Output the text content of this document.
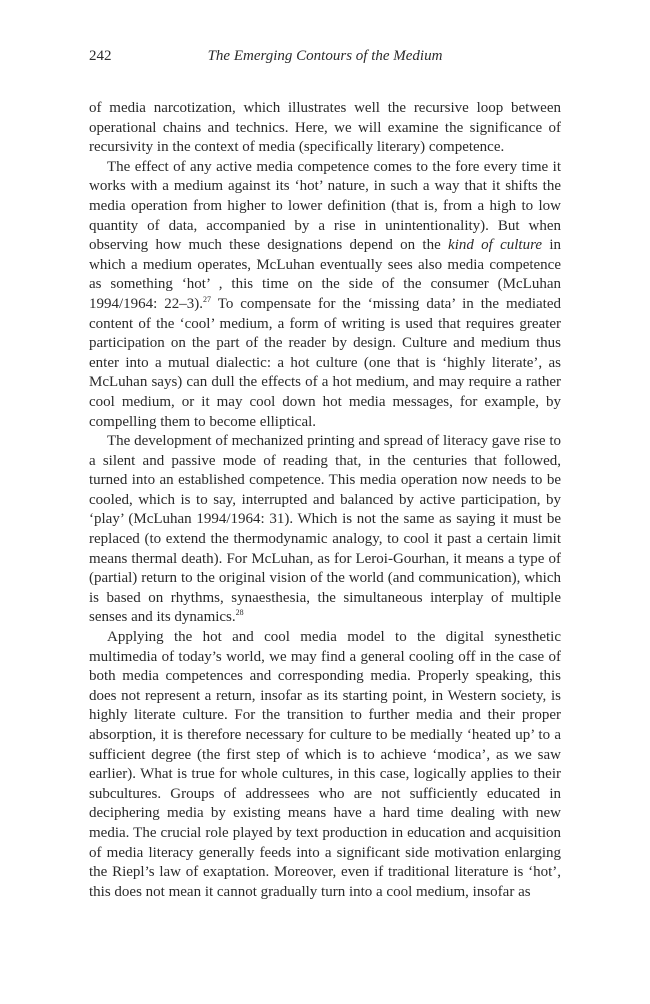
242	The Emerging Contours of the Medium

of media narcotization, which illustrates well the recursive loop between operational chains and technics. Here, we will examine the significance of recursivity in the context of media (specifically literary) competence.

The effect of any active media competence comes to the fore every time it works with a medium against its ‘hot’ nature, in such a way that it shifts the media operation from higher to lower definition (that is, from a high to low quantity of data, accompanied by a rise in unintentionality). But when observing how much these designations depend on the kind of culture in which a medium operates, McLuhan eventually sees also media competence as something ‘hot’ , this time on the side of the consumer (McLuhan 1994/1964: 22–3).$^{27}$ To compensate for the ‘missing data’ in the mediated content of the ‘cool’ medium, a form of writing is used that requires greater participation on the part of the reader by design. Culture and medium thus enter into a mutual dialectic: a hot culture (one that is ‘highly literate’, as McLuhan says) can dull the effects of a hot medium, and may require a rather cool medium, or it may cool down hot media messages, for example, by compelling them to become elliptical.

The development of mechanized printing and spread of literacy gave rise to a silent and passive mode of reading that, in the centuries that followed, turned into an established competence. This media operation now needs to be cooled, which is to say, interrupted and balanced by active participation, by ‘play’ (McLuhan 1994/1964: 31). Which is not the same as saying it must be replaced (to extend the thermodynamic analogy, to cool it past a certain limit means thermal death). For McLuhan, as for Leroi-Gourhan, it means a type of (partial) return to the original vision of the world (and communication), which is based on rhythms, synaesthesia, the simultaneous interplay of multiple senses and its dynamics.$^{28}$

Applying the hot and cool media model to the digital synesthetic multimedia of today’s world, we may find a general cooling off in the case of both media competences and corresponding media. Properly speaking, this does not represent a return, insofar as its starting point, in Western society, is highly literate culture. For the transition to further media and their proper absorption, it is therefore necessary for culture to be medially ‘heated up’ to a sufficient degree (the first step of which is to achieve ‘modica’, as we saw earlier). What is true for whole cultures, in this case, logically applies to their subcultures. Groups of addressees who are not sufficiently educated in deciphering media by existing means have a hard time dealing with new media. The crucial role played by text production in education and acquisition of media literacy generally feeds into a significant side motivation enlarging the Riepl’s law of exaptation. Moreover, even if traditional literature is ‘hot’, this does not mean it cannot gradually turn into a cool medium, insofar as
